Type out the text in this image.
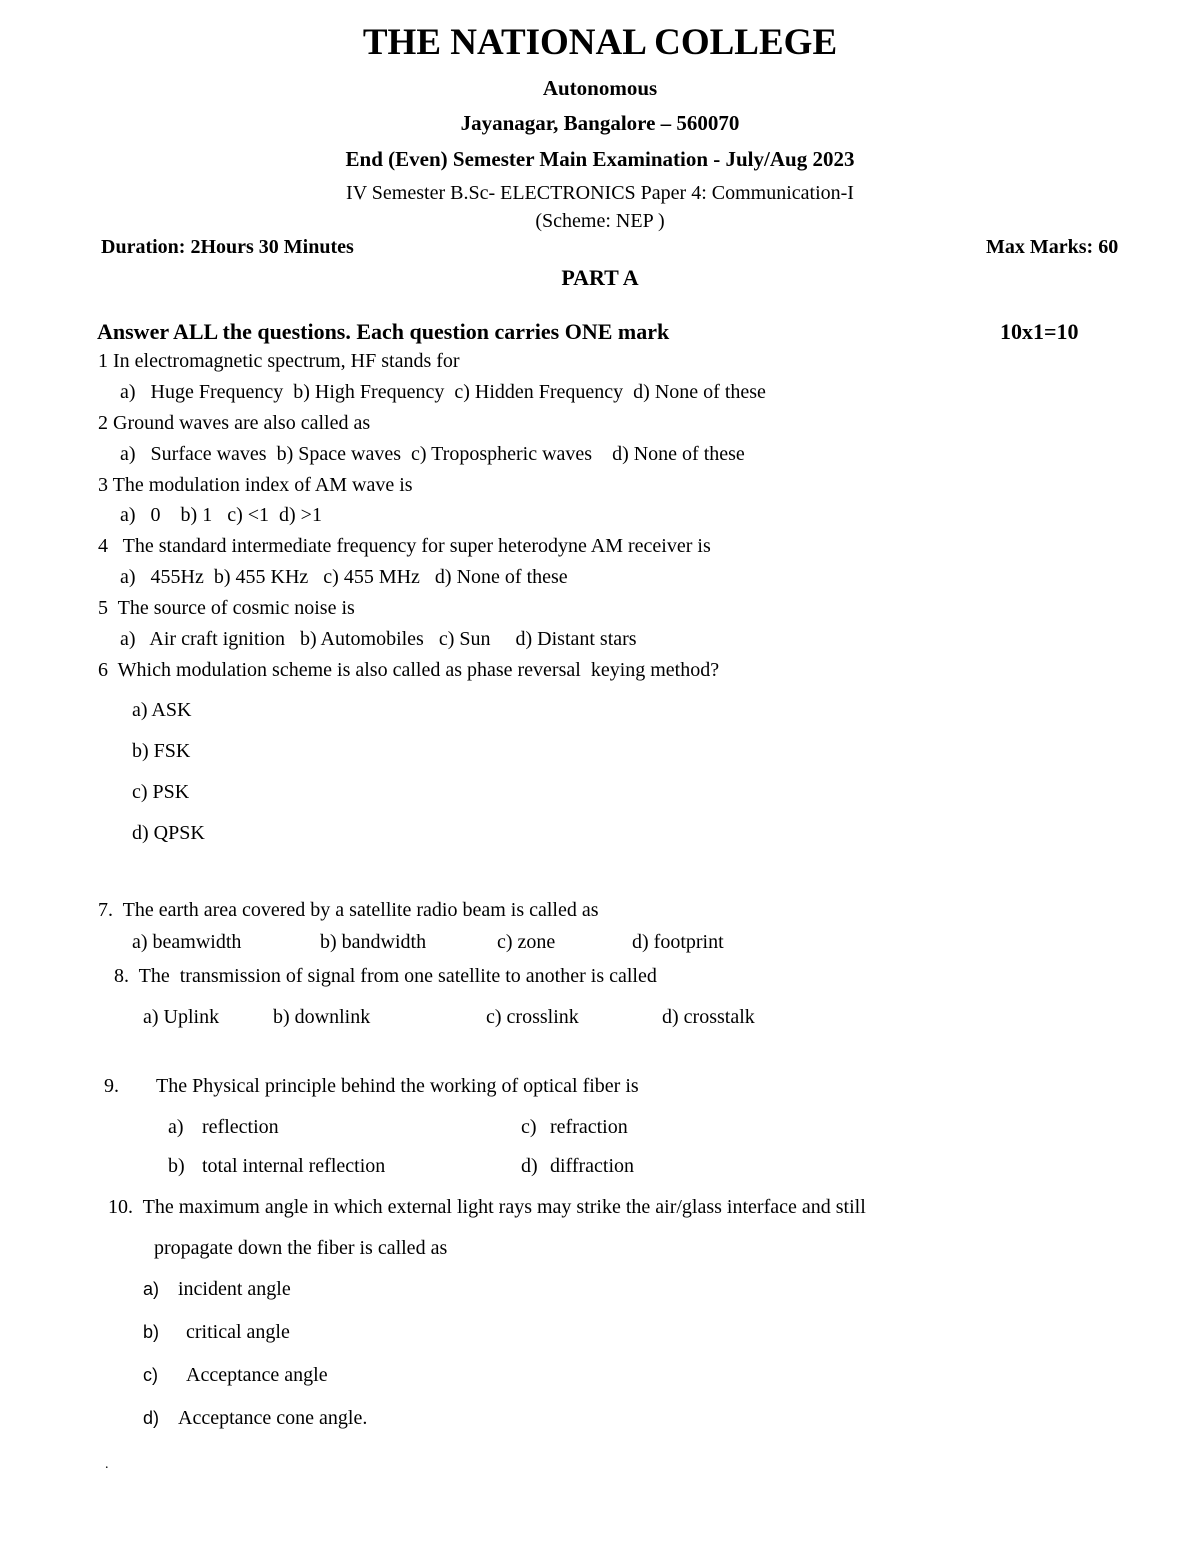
THE NATIONAL COLLEGE
Autonomous
Jayanagar, Bangalore – 560070
End (Even) Semester Main Examination - July/Aug 2023
IV Semester B.Sc- ELECTRONICS Paper 4: Communication-I
(Scheme: NEP )
Duration: 2Hours 30 Minutes	Max Marks: 60
PART A
Answer ALL the questions. Each question carries ONE mark	10x1=10
1 In electromagnetic spectrum, HF stands for
a)   Huge Frequency  b) High Frequency  c) Hidden Frequency  d) None of these
2 Ground waves are also called as
a)   Surface waves  b) Space waves  c) Tropospheric waves    d) None of these
3 The modulation index of AM wave is
a)   0    b) 1   c) <1  d) >1
4   The standard intermediate frequency for super heterodyne AM receiver is
a)   455Hz  b) 455 KHz   c) 455 MHz   d) None of these
5  The source of cosmic noise is
a)   Air craft ignition   b) Automobiles   c) Sun     d) Distant stars
6  Which modulation scheme is also called as phase reversal  keying method?
a) ASK
b) FSK
c) PSK
d) QPSK
7.  The earth area covered by a satellite radio beam is called as
a) beamwidth	b) bandwidth	c) zone	d) footprint
8.  The  transmission of signal from one satellite to another is called
a) Uplink	b) downlink	c) crosslink	d) crosstalk
9. The Physical principle behind the working of optical fiber is
a) reflection
b) total internal reflection
c) refraction
d) diffraction
10.  The maximum angle in which external light rays may strike the air/glass interface and still
propagate down the fiber is called as
a) incident angle
b) critical angle
c) Acceptance angle
d) Acceptance cone angle.
.
